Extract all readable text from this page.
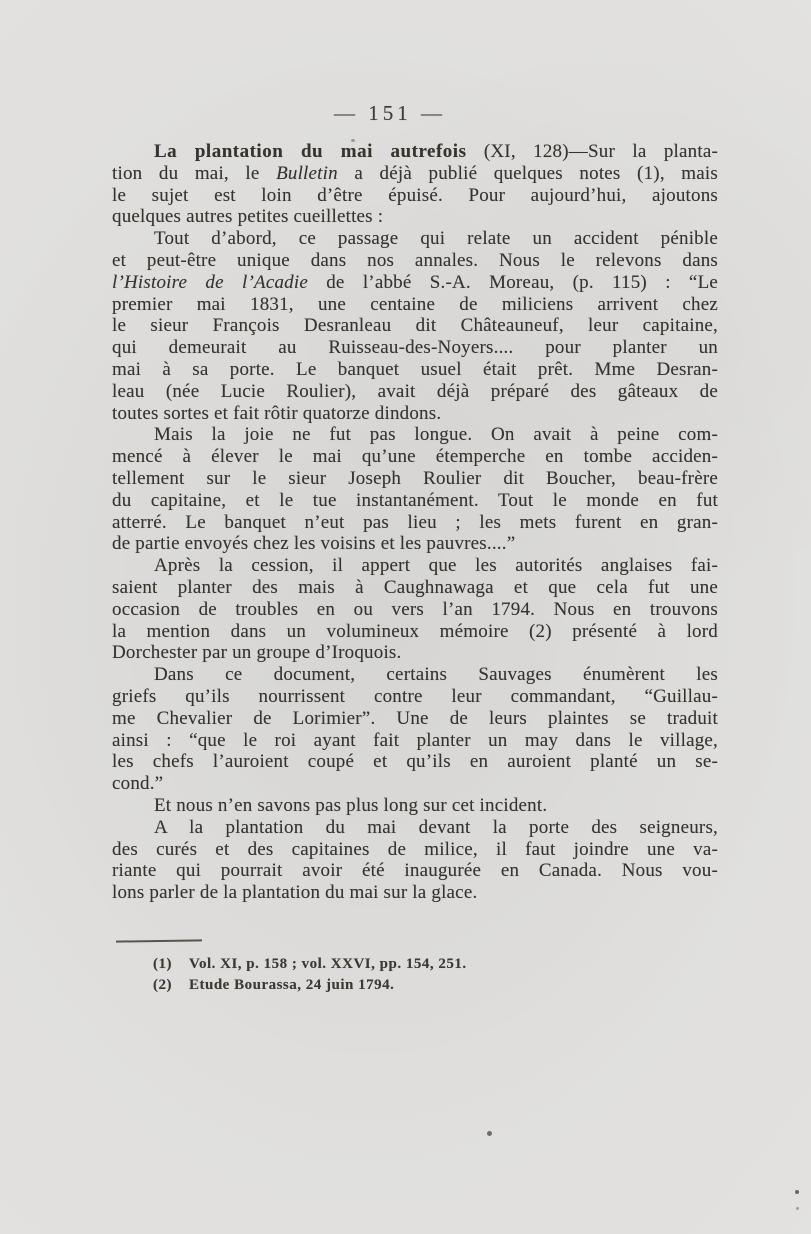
— 151 —
La plantation du mai autrefois (XI, 128)—Sur la planta-
tion du mai, le Bulletin a déjà publié quelques notes (1), mais
le sujet est loin d’être épuisé. Pour aujourd’hui, ajoutons
quelques autres petites cueillettes :
Tout d’abord, ce passage qui relate un accident pénible
et peut-être unique dans nos annales. Nous le relevons dans
l’Histoire de l’Acadie de l’abbé S.-A. Moreau, (p. 115) : “Le
premier mai 1831, une centaine de miliciens arrivent chez
le sieur François Desranleau dit Châteauneuf, leur capitaine,
qui demeurait au Ruisseau-des-Noyers.... pour planter un
mai à sa porte. Le banquet usuel était prêt. Mme Desran-
leau (née Lucie Roulier), avait déjà préparé des gâteaux de
toutes sortes et fait rôtir quatorze dindons.
Mais la joie ne fut pas longue. On avait à peine com-
mencé à élever le mai qu’une étemperche en tombe acciden-
tellement sur le sieur Joseph Roulier dit Boucher, beau-frère
du capitaine, et le tue instantanément. Tout le monde en fut
atterré. Le banquet n’eut pas lieu ; les mets furent en gran-
de partie envoyés chez les voisins et les pauvres....”
Après la cession, il appert que les autorités anglaises fai-
saient planter des mais à Caughnawaga et que cela fut une
occasion de troubles en ou vers l’an 1794. Nous en trouvons
la mention dans un volumineux mémoire (2) présenté à lord
Dorchester par un groupe d’Iroquois.
Dans ce document, certains Sauvages énumèrent les
griefs qu’ils nourrissent contre leur commandant, “Guillau-
me Chevalier de Lorimier”. Une de leurs plaintes se traduit
ainsi : “que le roi ayant fait planter un may dans le village,
les chefs l’auroient coupé et qu’ils en auroient planté un se-
cond.”
Et nous n’en savons pas plus long sur cet incident.
A la plantation du mai devant la porte des seigneurs,
des curés et des capitaines de milice, il faut joindre une va-
riante qui pourrait avoir été inaugurée en Canada. Nous vou-
lons parler de la plantation du mai sur la glace.
(1)	Vol. XI, p. 158 ; vol. XXVI, pp. 154, 251.
(2)	Etude Bourassa, 24 juin 1794.
